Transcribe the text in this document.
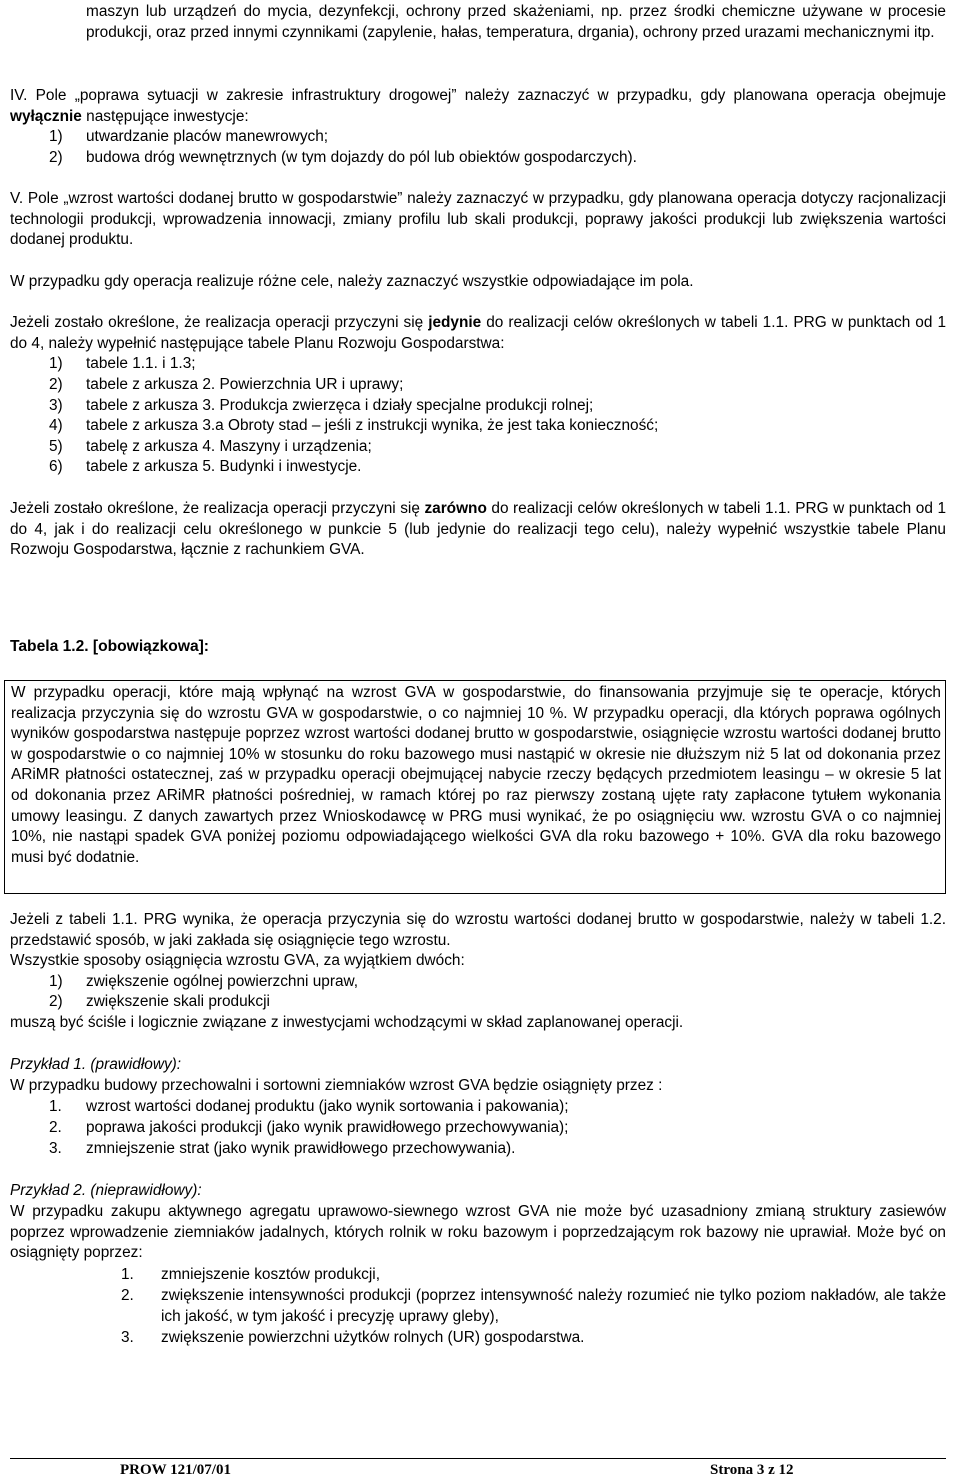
maszyn lub urządzeń do mycia, dezynfekcji, ochrony przed skażeniami, np. przez środki chemiczne używane w procesie produkcji, oraz przed innymi czynnikami (zapylenie, hałas, temperatura, drgania), ochrony przed urazami mechanicznymi itp.

IV. Pole „poprawa sytuacji w zakresie infrastruktury drogowej” należy zaznaczyć w przypadku, gdy planowana operacja obejmuje wyłącznie następujące inwestycje:

1) utwardzanie placów manewrowych;

2) budowa dróg wewnętrznych (w tym dojazdy do pól lub obiektów gospodarczych).

V. Pole „wzrost wartości dodanej brutto w gospodarstwie” należy zaznaczyć w przypadku, gdy planowana operacja dotyczy racjonalizacji technologii produkcji, wprowadzenia innowacji, zmiany profilu lub skali produkcji, poprawy jakości produkcji lub zwiększenia wartości dodanej produktu.

W przypadku gdy operacja realizuje różne cele, należy zaznaczyć wszystkie odpowiadające im pola.

Jeżeli zostało określone, że realizacja operacji przyczyni się jedynie do realizacji celów określonych w tabeli 1.1. PRG w punktach od 1 do 4, należy wypełnić następujące tabele Planu Rozwoju Gospodarstwa:

1) tabele 1.1. i 1.3;

2) tabele z arkusza 2. Powierzchnia UR i uprawy;

3) tabele z arkusza 3. Produkcja zwierzęca i działy specjalne produkcji rolnej;

4) tabele z arkusza 3.a Obroty stad – jeśli z instrukcji wynika, że jest taka konieczność;

5) tabelę z arkusza 4. Maszyny i urządzenia;

6) tabele z arkusza 5. Budynki i inwestycje.

Jeżeli zostało określone, że realizacja operacji przyczyni się zarówno do realizacji celów określonych w tabeli 1.1. PRG w punktach od 1 do 4, jak i do realizacji celu określonego w punkcie 5 (lub jedynie do realizacji tego celu), należy wypełnić wszystkie tabele Planu Rozwoju Gospodarstwa, łącznie z rachunkiem GVA.

Tabela 1.2. [obowiązkowa]:

W przypadku operacji, które mają wpłynąć na wzrost GVA w gospodarstwie, do finansowania przyjmuje się te operacje, których realizacja przyczynia się do wzrostu GVA w gospodarstwie, o co najmniej 10 %. W przypadku operacji, dla których poprawa ogólnych wyników gospodarstwa następuje poprzez wzrost wartości dodanej brutto w gospodarstwie, osiągnięcie wzrostu wartości dodanej brutto w gospodarstwie o co najmniej 10% w stosunku do roku bazowego musi nastąpić w okresie nie dłuższym niż 5 lat od dokonania przez ARiMR płatności ostatecznej, zaś w przypadku operacji obejmującej nabycie rzeczy będących przedmiotem leasingu – w okresie 5 lat od dokonania przez ARiMR płatności pośredniej, w ramach której po raz pierwszy zostaną ujęte raty zapłacone tytułem wykonania umowy leasingu. Z danych zawartych przez Wnioskodawcę w PRG musi wynikać, że po osiągnięciu ww. wzrostu GVA o co najmniej 10%, nie nastąpi spadek GVA poniżej poziomu odpowiadającego wielkości GVA dla roku bazowego + 10%. GVA dla roku bazowego musi być dodatnie.

Jeżeli z tabeli 1.1. PRG wynika, że operacja przyczynia się do wzrostu wartości dodanej brutto w gospodarstwie, należy w tabeli 1.2. przedstawić sposób, w jaki zakłada się osiągnięcie tego wzrostu.

Wszystkie sposoby osiągnięcia wzrostu GVA, za wyjątkiem dwóch:

1) zwiększenie ogólnej powierzchni upraw,

2) zwiększenie skali produkcji

muszą być ściśle i logicznie związane z inwestycjami wchodzącymi w skład zaplanowanej operacji.

Przykład 1. (prawidłowy):

W przypadku budowy przechowalni i sortowni ziemniaków wzrost GVA będzie osiągnięty przez :

1. wzrost wartości dodanej produktu (jako wynik sortowania i pakowania);

2. poprawa jakości produkcji (jako wynik prawidłowego przechowywania);

3. zmniejszenie strat (jako wynik prawidłowego przechowywania).

Przykład 2. (nieprawidłowy):

W przypadku zakupu aktywnego agregatu uprawowo-siewnego wzrost GVA nie może być uzasadniony zmianą struktury zasiewów poprzez wprowadzenie ziemniaków jadalnych, których rolnik w roku bazowym i poprzedzającym rok bazowy nie uprawiał. Może być on osiągnięty poprzez:

1. zmniejszenie kosztów produkcji,

2. zwiększenie intensywności produkcji (poprzez intensywność należy rozumieć nie tylko poziom nakładów, ale także ich jakość, w tym jakość i precyzję uprawy gleby),

3. zwiększenie powierzchni użytków rolnych (UR) gospodarstwa.

PROW 121/07/01	Strona 3 z 12
